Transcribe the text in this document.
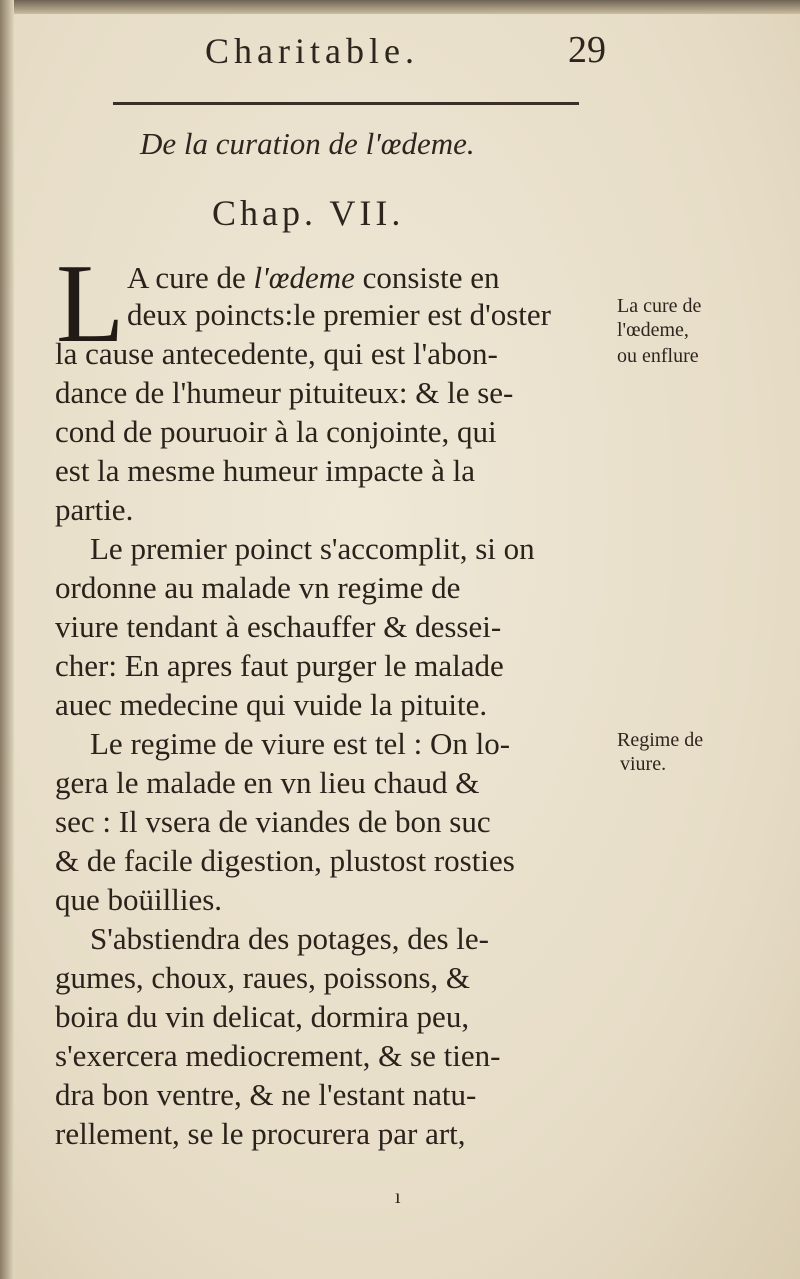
Charitable.	29
De la curation de l'œdeme.
Chap. VII.
L A cure de l'œdeme consiste en
deux poincts:le premier est d'oster
la cause antecedente, qui est l'abon-
dance de l'humeur pituiteux: & le se-
cond de pouruoir à la conjointe, qui
est la mesme humeur impacte à la
partie.
Le premier poinct s'accomplit, si on
ordonne au malade vn regime de
viure tendant à eschauffer & dessei-
cher: En apres faut purger le malade
auec medecine qui vuide la pituite.
Le regime de viure est tel : On lo-
gera le malade en vn lieu chaud &
sec : Il vsera de viandes de bon suc
& de facile digestion, plustost rosties
que boüillies.
S'abstiendra des potages, des le-
gumes, choux, raues, poissons, &
boira du vin delicat, dormira peu,
s'exercera mediocrement, & se tien-
dra bon ventre, & ne l'estant natu-
rellement, se le procurera par art,
La cure de
l'œdeme,
ou enflure
Regime de
viure.
ı
